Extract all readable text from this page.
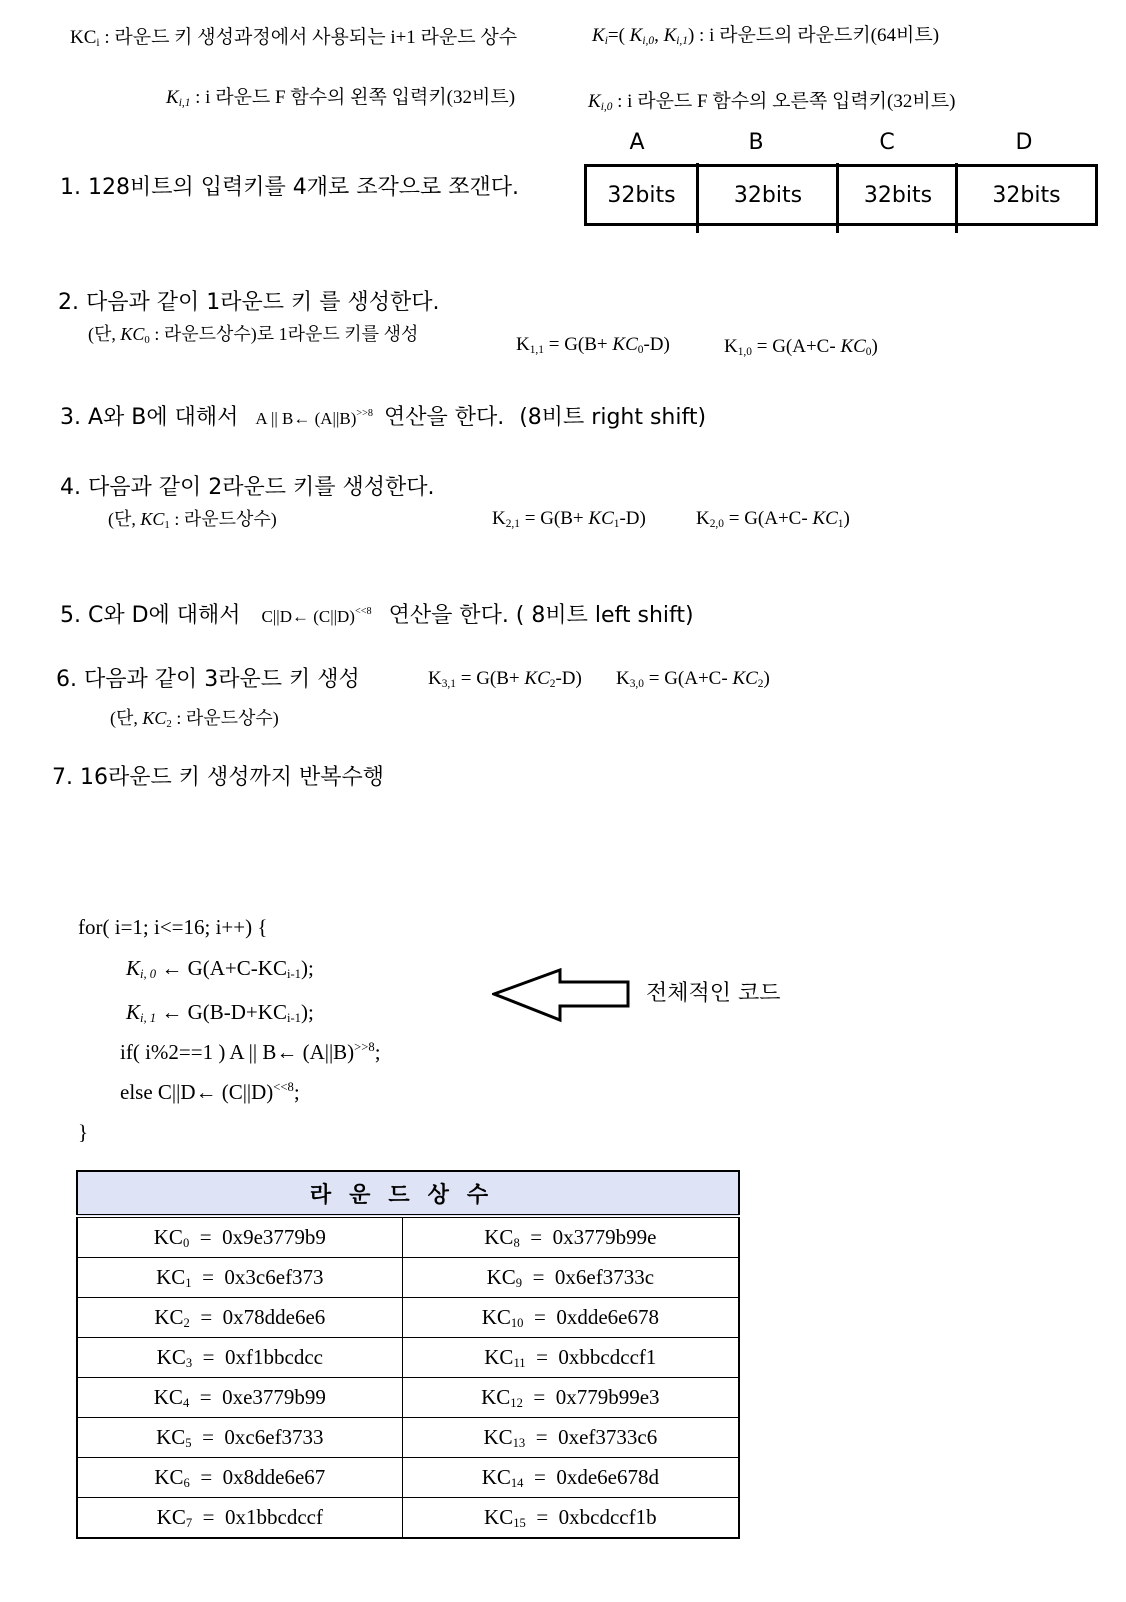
$KC_i$ : 라운드 키 생성과정에서 사용되는 i+1 라운드 상수	$K_i=$( $K_{i,0}$, $K_{i,1}$) : i 라운드의 라운드키(64비트)
$K_{i,1}$ : i 라운드 F 함수의 왼쪽 입력키(32비트)	$K_{i,0}$ : i 라운드 F 함수의 오른쪽 입력키(32비트)
A	B	C	D
32bits	32bits	32bits	32bits
1. 128비트의 입력키를 4개로 조각으로 쪼갠다.
2. 다음과 같이 1라운드 키 를 생성한다.
(단, $KC_0$ : 라운드상수)로 1라운드 키를 생성	$K_{1,1} = G(B+ KC_0-D)$	$K_{1,0} = G(A+C-$ $KC_0$)
3. A와 B에 대해서 A || B← $(A||B)^{>>8}$ 연산을 한다. (8비트 right shift)
4. 다음과 같이 2라운드 키를 생성한다.
(단, $KC_1$ : 라운드상수)	$K_{2,1} = G(B+ KC_1-D)$	$K_{2,0} = G(A+C-$ $KC_1$)
5. C와 D에 대해서 C||D← $(C||D)^{<<8}$ 연산을 한다. ( 8비트 left shift)
6. 다음과 같이 3라운드 키 생성	$K_{3,1} = G(B+ KC_2-D) K_{3,0} = G(A+C-$ $KC_2$)
(단, $KC_2$ : 라운드상수)
7. 16라운드 키 생성까지 반복수행
for( i=1; i<=16; i++) {
$K_{i, 0}$ ← $G(A+C-KC_{i-1})$;
$K_{i, 1}$ ← $G(B-D+KC_{i-1})$;
if( i%2==1 ) A || B← $(A||B)^{>>8}$;
else C||D← $(C||D)^{<<8}$;
}
전체적인 코드
라운드상수	
$KC_0 = 0x9e3779b9$	$KC_8 = 0x3779b99e$
$KC_1 = 0x3c6ef373$	$KC_9 = 0x6ef3733c$
$KC_2 = 0x78dde6e6$	$KC_{10}$  =  0xdde6e678
$KC_3$  =  0xf1bbcdcc	$KC_{11}$  =  0xbbcdccf1
$KC_4 = 0xe3779b99$	$KC_{12} = 0x779b99e3$
$KC_5 = 0xc6ef3733$	$KC_{13} = 0xef3733c6$
$KC_6 = 0x8dde6e67$	$KC_{14} = 0xde6e678d$
$KC_7$  =  0x1bbcdccf	$KC_{15}$  =  0xbcdccf1b
